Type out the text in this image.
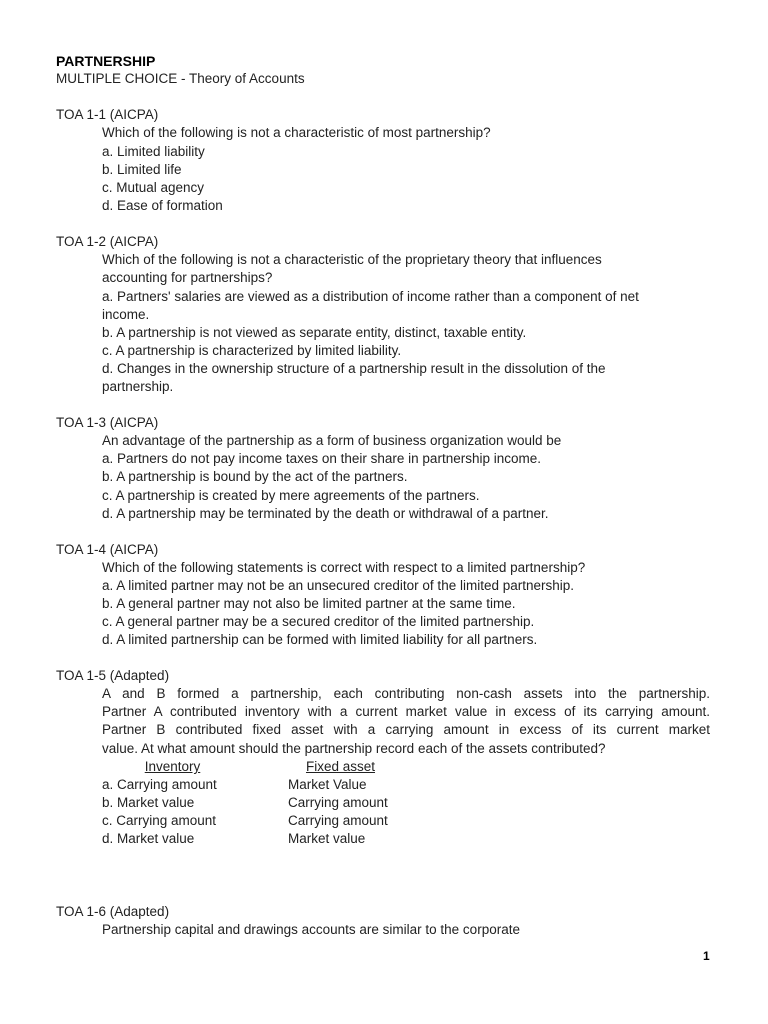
PARTNERSHIP
MULTIPLE CHOICE - Theory of Accounts
TOA 1-1 (AICPA)
Which of the following is not a characteristic of most partnership?
a. Limited liability
b. Limited life
c. Mutual agency
d. Ease of formation
TOA 1-2 (AICPA)
Which of the following is not a characteristic of the proprietary theory that influences
accounting for partnerships?
a. Partners' salaries are viewed as a distribution of income rather than a component of net
income.
b. A partnership is not viewed as separate entity, distinct, taxable entity.
c. A partnership is characterized by limited liability.
d. Changes in the ownership structure of a partnership result in the dissolution of the
partnership.
TOA 1-3 (AICPA)
An advantage of the partnership as a form of business organization would be
a. Partners do not pay income taxes on their share in partnership income.
b. A partnership is bound by the act of the partners.
c. A partnership is created by mere agreements of the partners.
d. A partnership may be terminated by the death or withdrawal of a partner.
TOA 1-4 (AICPA)
Which of the following statements is correct with respect to a limited partnership?
a. A limited partner may not be an unsecured creditor of the limited partnership.
b. A general partner may not also be limited partner at the same time.
c. A general partner may be a secured creditor of the limited partnership.
d. A limited partnership can be formed with limited liability for all partners.
TOA 1-5 (Adapted)
A and B formed a partnership, each contributing non-cash assets into the partnership.
Partner A contributed inventory with a current market value in excess of its carrying amount.
Partner B contributed fixed asset with a carrying amount in excess of its current market
value. At what amount should the partnership record each of the assets contributed?
Inventory	Fixed asset
a. Carrying amount	Market Value
b. Market value	Carrying amount
c. Carrying amount	Carrying amount
d. Market value	Market value
TOA 1-6 (Adapted)
Partnership capital and drawings accounts are similar to the corporate
1
